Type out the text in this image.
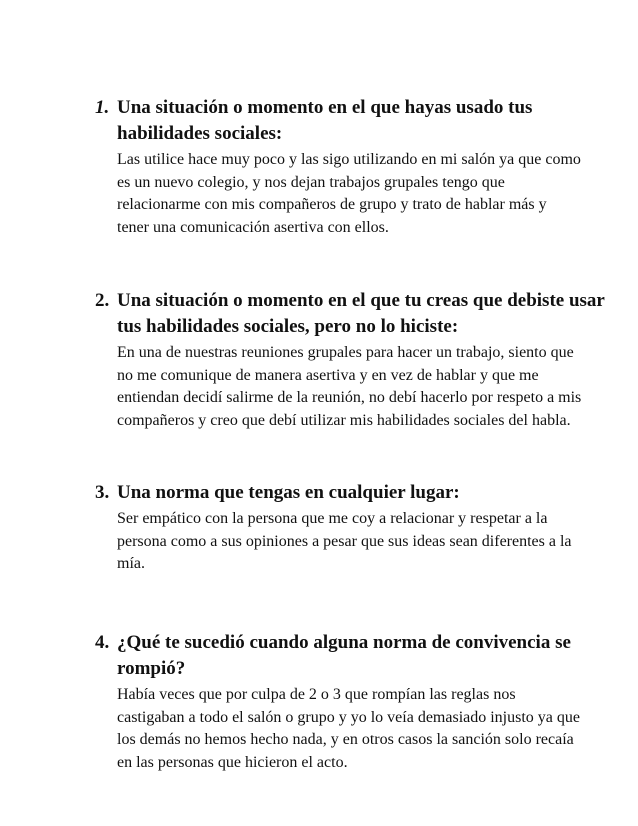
1. Una situación o momento en el que hayas usado tus
habilidades sociales:

Las utilice hace muy poco y las sigo utilizando en mi salón ya que como
es un nuevo colegio, y nos dejan trabajos grupales tengo que
relacionarme con mis compañeros de grupo y trato de hablar más y
tener una comunicación asertiva con ellos.

2. Una situación o momento en el que tu creas que debiste usar
tus habilidades sociales, pero no lo hiciste:

En una de nuestras reuniones grupales para hacer un trabajo, siento que
no me comunique de manera asertiva y en vez de hablar y que me
entiendan decidí salirme de la reunión, no debí hacerlo por respeto a mis
compañeros y creo que debí utilizar mis habilidades sociales del habla.

3. Una norma que tengas en cualquier lugar:

Ser empático con la persona que me coy a relacionar y respetar a la
persona como a sus opiniones a pesar que sus ideas sean diferentes a la
mía.

4. ¿Qué te sucedió cuando alguna norma de convivencia se
rompió?

Había veces que por culpa de 2 o 3 que rompían las reglas nos
castigaban a todo el salón o grupo y yo lo veía demasiado injusto ya que
los demás no hemos hecho nada, y en otros casos la sanción solo recaía
en las personas que hicieron el acto.
